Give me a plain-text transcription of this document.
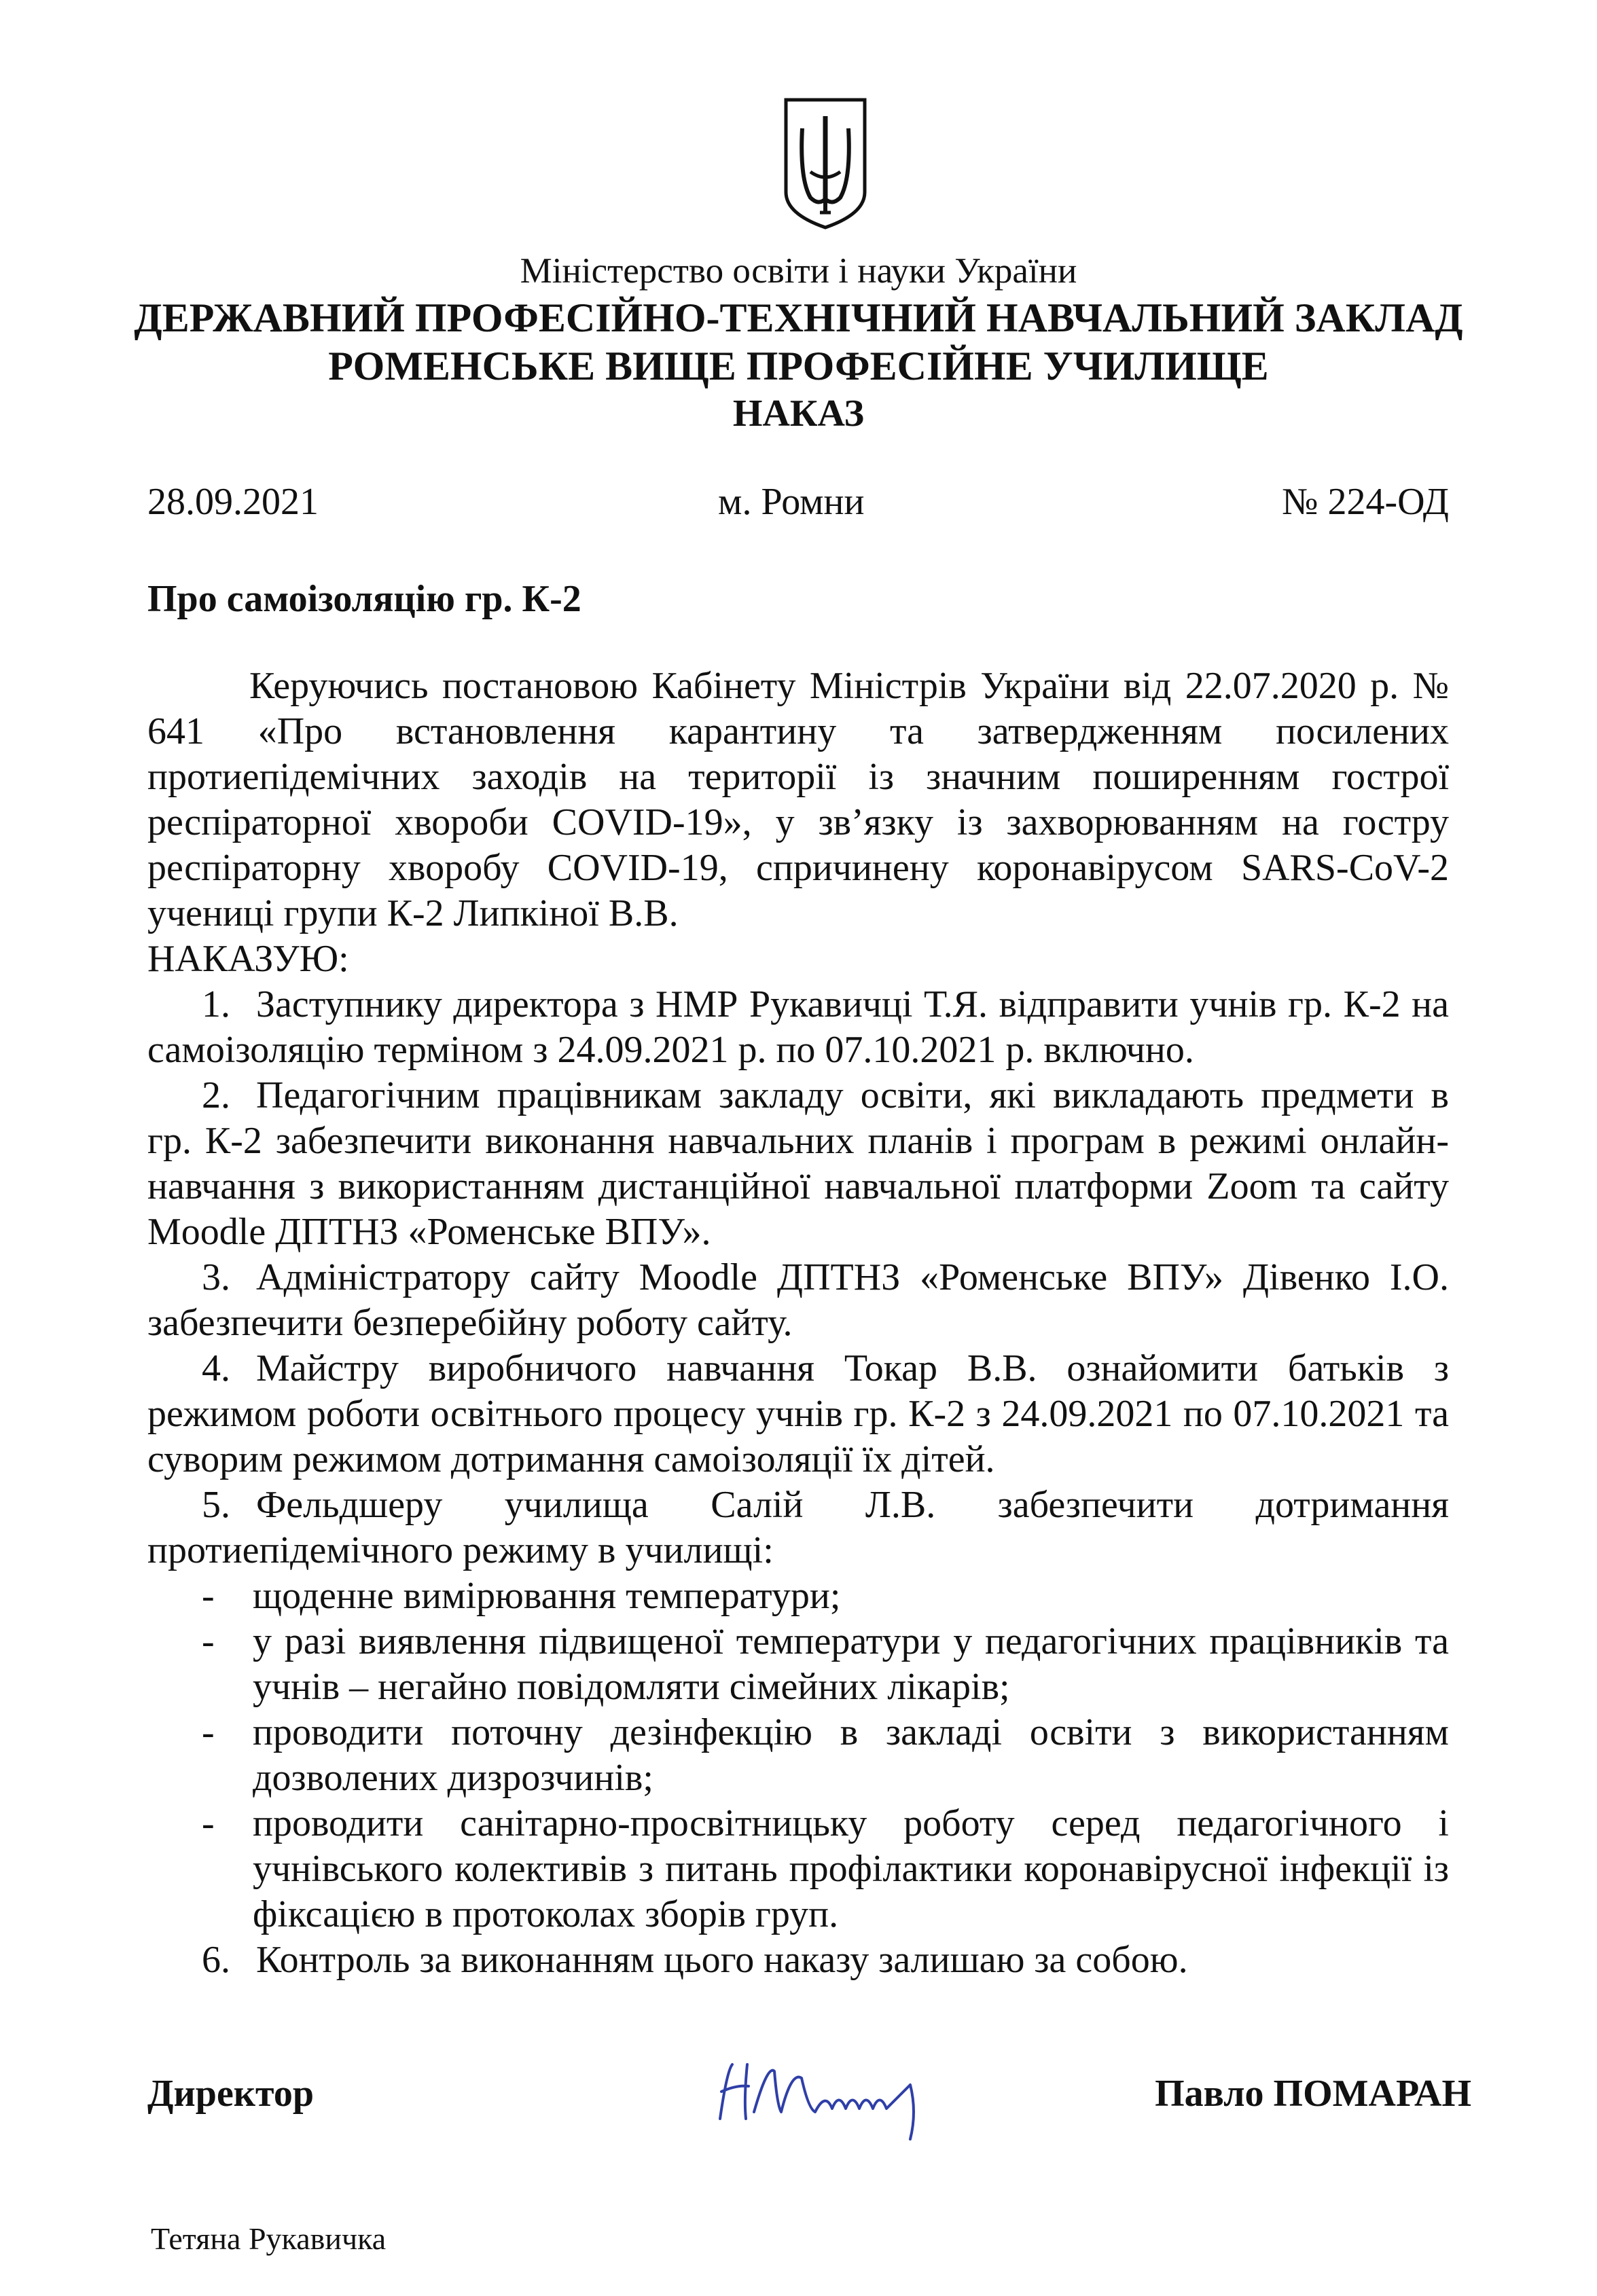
Міністерство освіти і науки України
ДЕРЖАВНИЙ ПРОФЕСІЙНО-ТЕХНІЧНИЙ НАВЧАЛЬНИЙ ЗАКЛАД
РОМЕНСЬКЕ ВИЩЕ ПРОФЕСІЙНЕ УЧИЛИЩЕ
НАКАЗ
28.09.2021	м. Ромни	№ 224-ОД
Про самоізоляцію гр. К-2

Керуючись постановою Кабінету Міністрів України від 22.07.2020 р. № 641 «Про встановлення карантину та затвердженням посилених протиепідемічних заходів на території із значним поширенням гострої респіраторної хвороби COVID-19», у зв’язку із захворюванням на гостру респіраторну хворобу COVID-19, спричинену коронавірусом SARS-CoV-2 учениці групи К-2 Липкіної В.В.

НАКАЗУЮ:

1. Заступнику директора з НМР Рукавичці Т.Я. відправити учнів гр. К-2 на самоізоляцію терміном з 24.09.2021 р. по 07.10.2021 р. включно.
2. Педагогічним працівникам закладу освіти, які викладають предмети в гр. К-2 забезпечити виконання навчальних планів і програм в режимі онлайн-навчання з використанням дистанційної навчальної платформи Zoom та сайту Moodle ДПТНЗ «Роменське ВПУ».
3. Адміністратору сайту Moodle ДПТНЗ «Роменське ВПУ» Дівенко І.О. забезпечити безперебійну роботу сайту.
4. Майстру виробничого навчання Токар В.В. ознайомити батьків з режимом роботи освітнього процесу учнів гр. К-2 з 24.09.2021 по 07.10.2021 та суворим режимом дотримання самоізоляції їх дітей.
5. Фельдшеру училища Салій Л.В. забезпечити дотримання протиепідемічного режиму в училищі:
- щоденне вимірювання температури;
- у разі виявлення підвищеної температури у педагогічних працівників та учнів – негайно повідомляти сімейних лікарів;
- проводити поточну дезінфекцію в закладі освіти з використанням дозволених дизрозчинів;
- проводити санітарно-просвітницьку роботу серед педагогічного і учнівського колективів з питань профілактики коронавірусної інфекції із фіксацією в протоколах зборів груп.
6. Контроль за виконанням цього наказу залишаю за собою.
Директор	Павло ПОМАРАН
Тетяна Рукавичка
